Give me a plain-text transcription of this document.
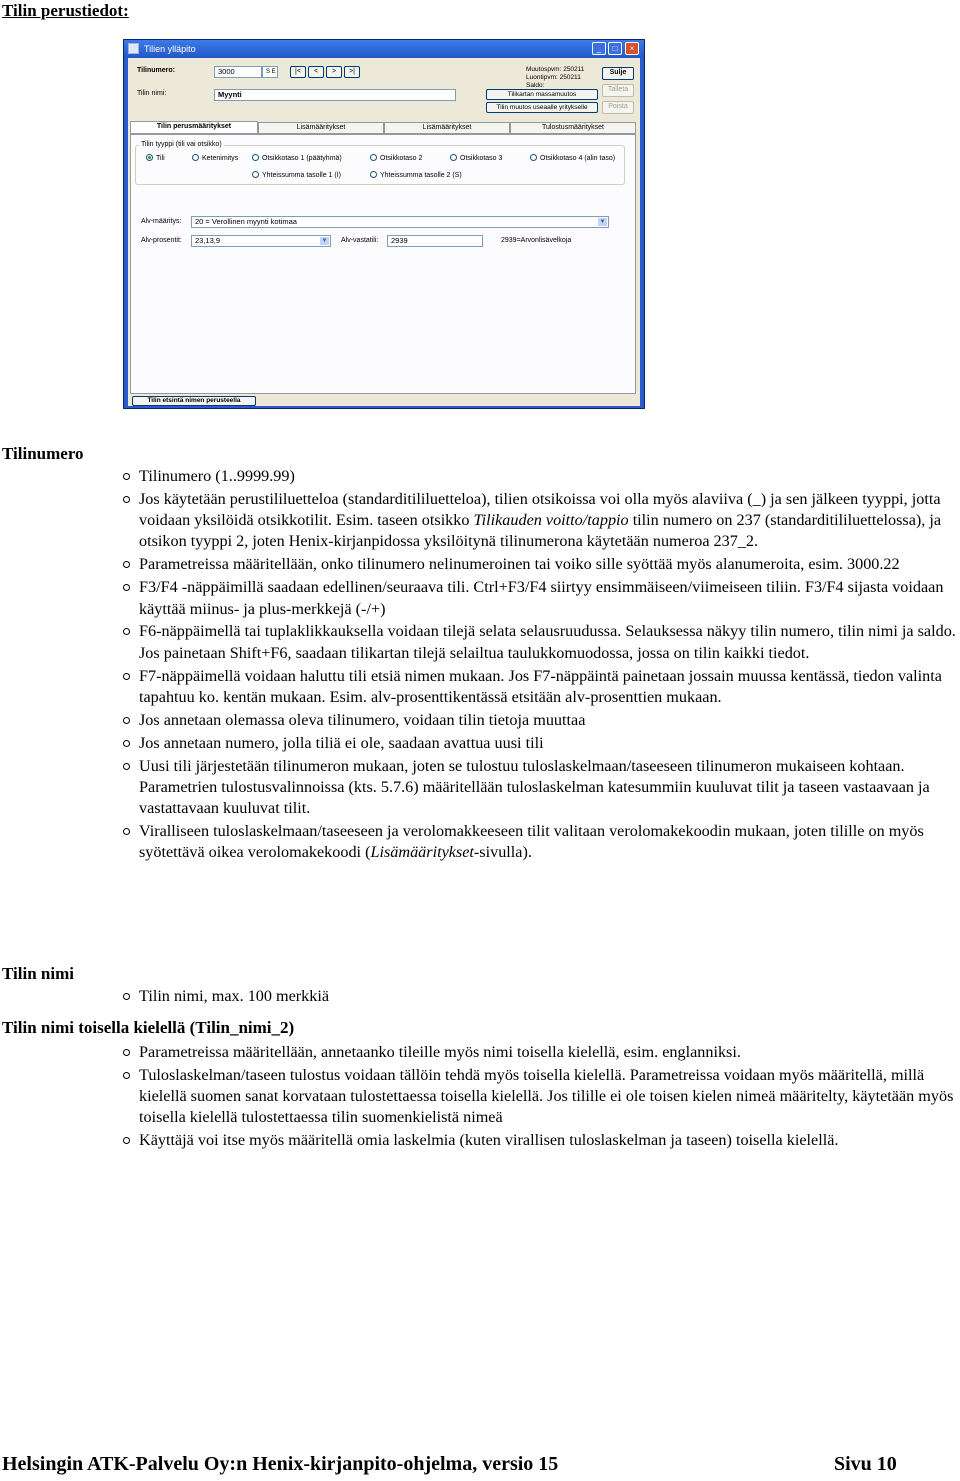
Tilin perustiedot:
Tilien ylläpito	_	□	×
Tilinumero:	3000	S E	|<	<	>	>|
Tilin nimi:	Myynti
Muutospvm: 250211
Luontipvm: 250211
Saldo:
Tilikartan massamuutos
Tilin muutos useaalle yritykselle
Sulje
Talleta
Poista
Tilin perusmääritykset	Lisämääritykset	Lisämääritykset	Tulostusmääritykset
Tilin tyyppi (tili vai otsikko)
Tili	Ketenimitys	Otsikkotaso 1 (päätyhmä)	Otsikkotaso 2	Otsikkotaso 3	Otsikkotaso 4 (alin taso)
Yhteissumma tasolle 1 (I)	Yhteissumma tasolle 2 (S)
Alv-määritys:	20 = Verollinen myynti kotimaa	▼
Alv-prosentit:	23,13,9	▼ Alv-vastatili:	2939	2939=Arvonlisävelkoja
Tilin etsintä nimen perusteella
Tilinumero
Tilin nimi
Tilin nimi toisella kielellä (Tilin_nimi_2)
Tilinumero (1..9999.99)
Jos käytetään perustililuetteloa (standarditililuetteloa), tilien otsikoissa voi olla myös alaviiva (_) ja sen jälkeen tyyppi, jotta voidaan yksilöidä otsikkotilit. Esim. taseen otsikko Tilikauden voitto/tappio tilin numero on 237 (standarditililuettelossa), ja otsikon tyyppi 2, joten Henix-kirjanpidossa yksilöitynä tilinumerona käytetään numeroa 237_2.
Parametreissa määritellään, onko tilinumero nelinumeroinen tai voiko sille syöttää myös alanumeroita, esim. 3000.22
F3/F4 -näppäimillä saadaan edellinen/seuraava tili. Ctrl+F3/F4 siirtyy ensimmäiseen/viimeiseen tiliin. F3/F4 sijasta voidaan käyttää miinus- ja plus-merkkejä (-/+)
F6-näppäimellä tai tuplaklikkauksella voidaan tilejä selata selausruudussa. Selauksessa näkyy tilin numero, tilin nimi ja saldo. Jos painetaan Shift+F6, saadaan tilikartan tilejä selailtua taulukkomuodossa, jossa on tilin kaikki tiedot.
F7-näppäimellä voidaan haluttu tili etsiä nimen mukaan. Jos F7-näppäintä painetaan jossain muussa kentässä, tiedon valinta tapahtuu ko. kentän mukaan. Esim. alv-prosenttikentässä etsitään alv-prosenttien mukaan.
Jos annetaan olemassa oleva tilinumero, voidaan tilin tietoja muuttaa
Jos annetaan numero, jolla tiliä ei ole, saadaan avattua uusi tili
Uusi tili järjestetään tilinumeron mukaan, joten se tulostuu tuloslaskelmaan/taseeseen tilinumeron mukaiseen kohtaan. Parametrien tulostusvalinnoissa (kts. 5.7.6) määritellään tuloslaskelman katesummiin kuuluvat tilit ja taseen vastaavaan ja vastattavaan kuuluvat tilit.
Viralliseen tuloslaskelmaan/taseeseen ja verolomakkeeseen tilit valitaan verolomakekoodin mukaan, joten tilille on myös syötettävä oikea verolomakekoodi (Lisämääritykset-sivulla).
Tilin nimi, max. 100 merkkiä
Parametreissa määritellään, annetaanko tileille myös nimi toisella kielellä, esim. englanniksi.
Tuloslaskelman/taseen tulostus voidaan tällöin tehdä myös toisella kielellä. Parametreissa voidaan myös määritellä, millä kielellä suomen sanat korvataan tulostettaessa toisella kielellä. Jos tilille ei ole toisen kielen nimeä määritelty, käytetään myös toisella kielellä tulostettaessa tilin suomenkielistä nimeä
Käyttäjä voi itse myös määritellä omia laskelmia (kuten virallisen tuloslaskelman ja taseen) toisella kielellä.
Helsingin ATK-Palvelu Oy:n Henix-kirjanpito-ohjelma, versio 15	Sivu 10
